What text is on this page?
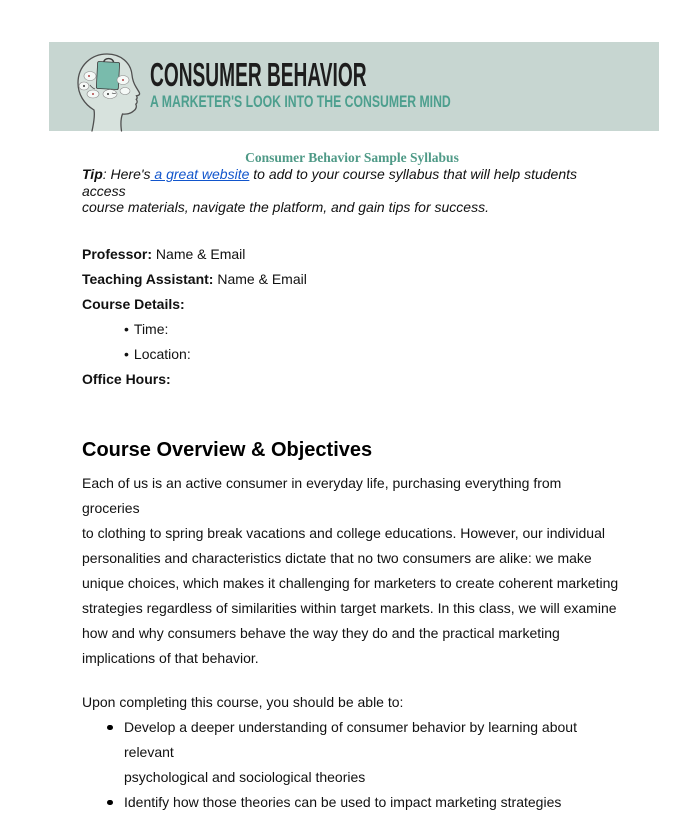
CONSUMER BEHAVIOR
A MARKETER'S LOOK INTO THE CONSUMER MIND
Consumer Behavior Sample Syllabus
Tip: Here's a great website to add to your course syllabus that will help students access
course materials, navigate the platform, and gain tips for success.
Professor: Name & Email
Teaching Assistant: Name & Email
Course Details:
• Time:
• Location:
Office Hours:
Course Overview & Objectives
Each of us is an active consumer in everyday life, purchasing everything from groceries
to clothing to spring break vacations and college educations. However, our individual
personalities and characteristics dictate that no two consumers are alike: we make
unique choices, which makes it challenging for marketers to create coherent marketing
strategies regardless of similarities within target markets. In this class, we will examine
how and why consumers behave the way they do and the practical marketing
implications of that behavior.
Upon completing this course, you should be able to:
Develop a deeper understanding of consumer behavior by learning about relevant
psychological and sociological theories
Identify how those theories can be used to impact marketing strategies
